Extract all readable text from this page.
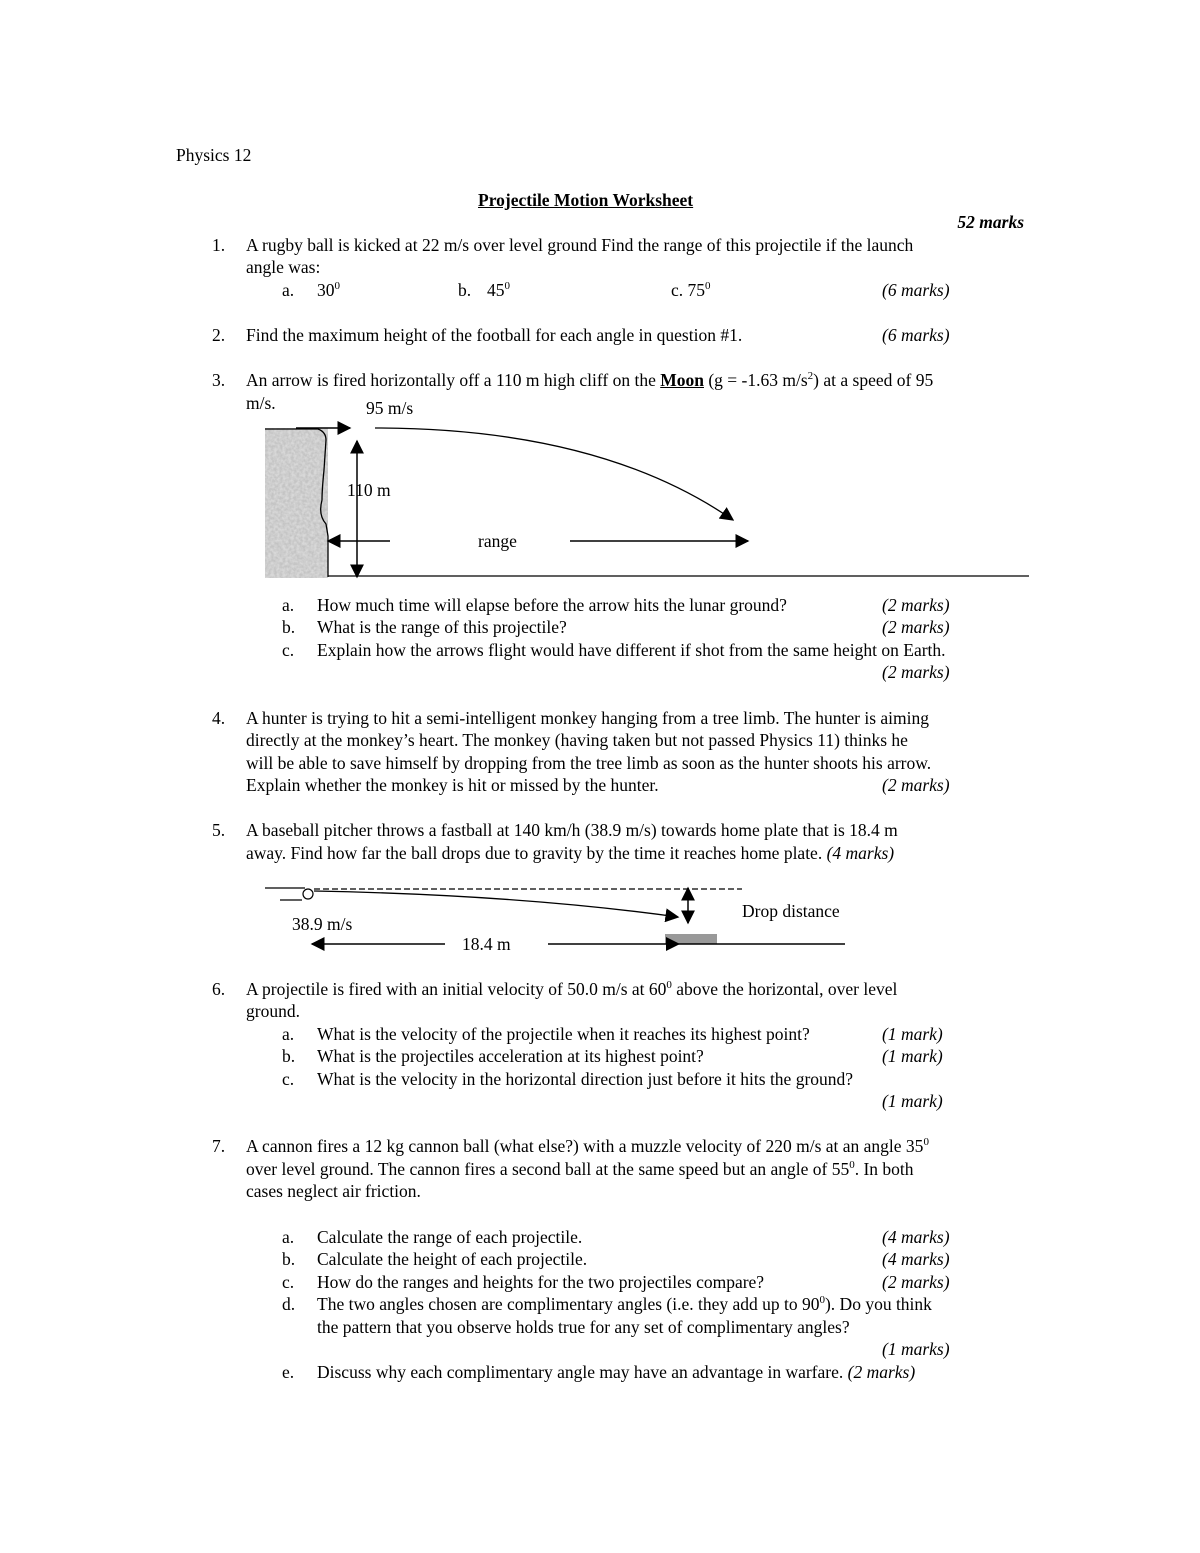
Physics 12
Projectile Motion Worksheet
52 marks
1. A rugby ball is kicked at 22 m/s over level ground Find the range of this projectile if the launch
angle was:
a. $30^0$	b. $45^0$	c. $75^0$	(6 marks)
2. Find the maximum height of the football for each angle in question #1.	(6 marks)
3. An arrow is fired horizontally off a 110 m high cliff on the Moon (g = -1.63 $m/s^2$) at a speed of 95
m/s.	95 m/s
110 m
range
a. How much time will elapse before the arrow hits the lunar ground?	(2 marks)
b. What is the range of this projectile?	(2 marks)
c. Explain how the arrows flight would have different if shot from the same height on Earth.
(2 marks)
4. A hunter is trying to hit a semi-intelligent monkey hanging from a tree limb. The hunter is aiming
directly at the monkey’s heart. The monkey (having taken but not passed Physics 11) thinks he
will be able to save himself by dropping from the tree limb as soon as the hunter shoots his arrow.
Explain whether the monkey is hit or missed by the hunter.	(2 marks)
5. A baseball pitcher throws a fastball at 140 km/h (38.9 m/s) towards home plate that is 18.4 m
away. Find how far the ball drops due to gravity by the time it reaches home plate. (4 marks)
38.9 m/s
18.4 m
Drop distance
6. A projectile is fired with an initial velocity of 50.0 m/s at $60^0$ above the horizontal, over level
ground.
a. What is the velocity of the projectile when it reaches its highest point?	(1 mark)
b. What is the projectiles acceleration at its highest point?	(1 mark)
c. What is the velocity in the horizontal direction just before it hits the ground?
(1 mark)
7. A cannon fires a 12 kg cannon ball (what else?) with a muzzle velocity of 220 m/s at an angle $35^0$
over level ground. The cannon fires a second ball at the same speed but an angle of $55^0$. In both
cases neglect air friction.
a. Calculate the range of each projectile.	(4 marks)
b. Calculate the height of each projectile.	(4 marks)
c. How do the ranges and heights for the two projectiles compare?	(2 marks)
d. The two angles chosen are complimentary angles (i.e. they add up to $90^0$). Do you think
the pattern that you observe holds true for any set of complimentary angles?
(1 marks)
e. Discuss why each complimentary angle may have an advantage in warfare. (2 marks)
